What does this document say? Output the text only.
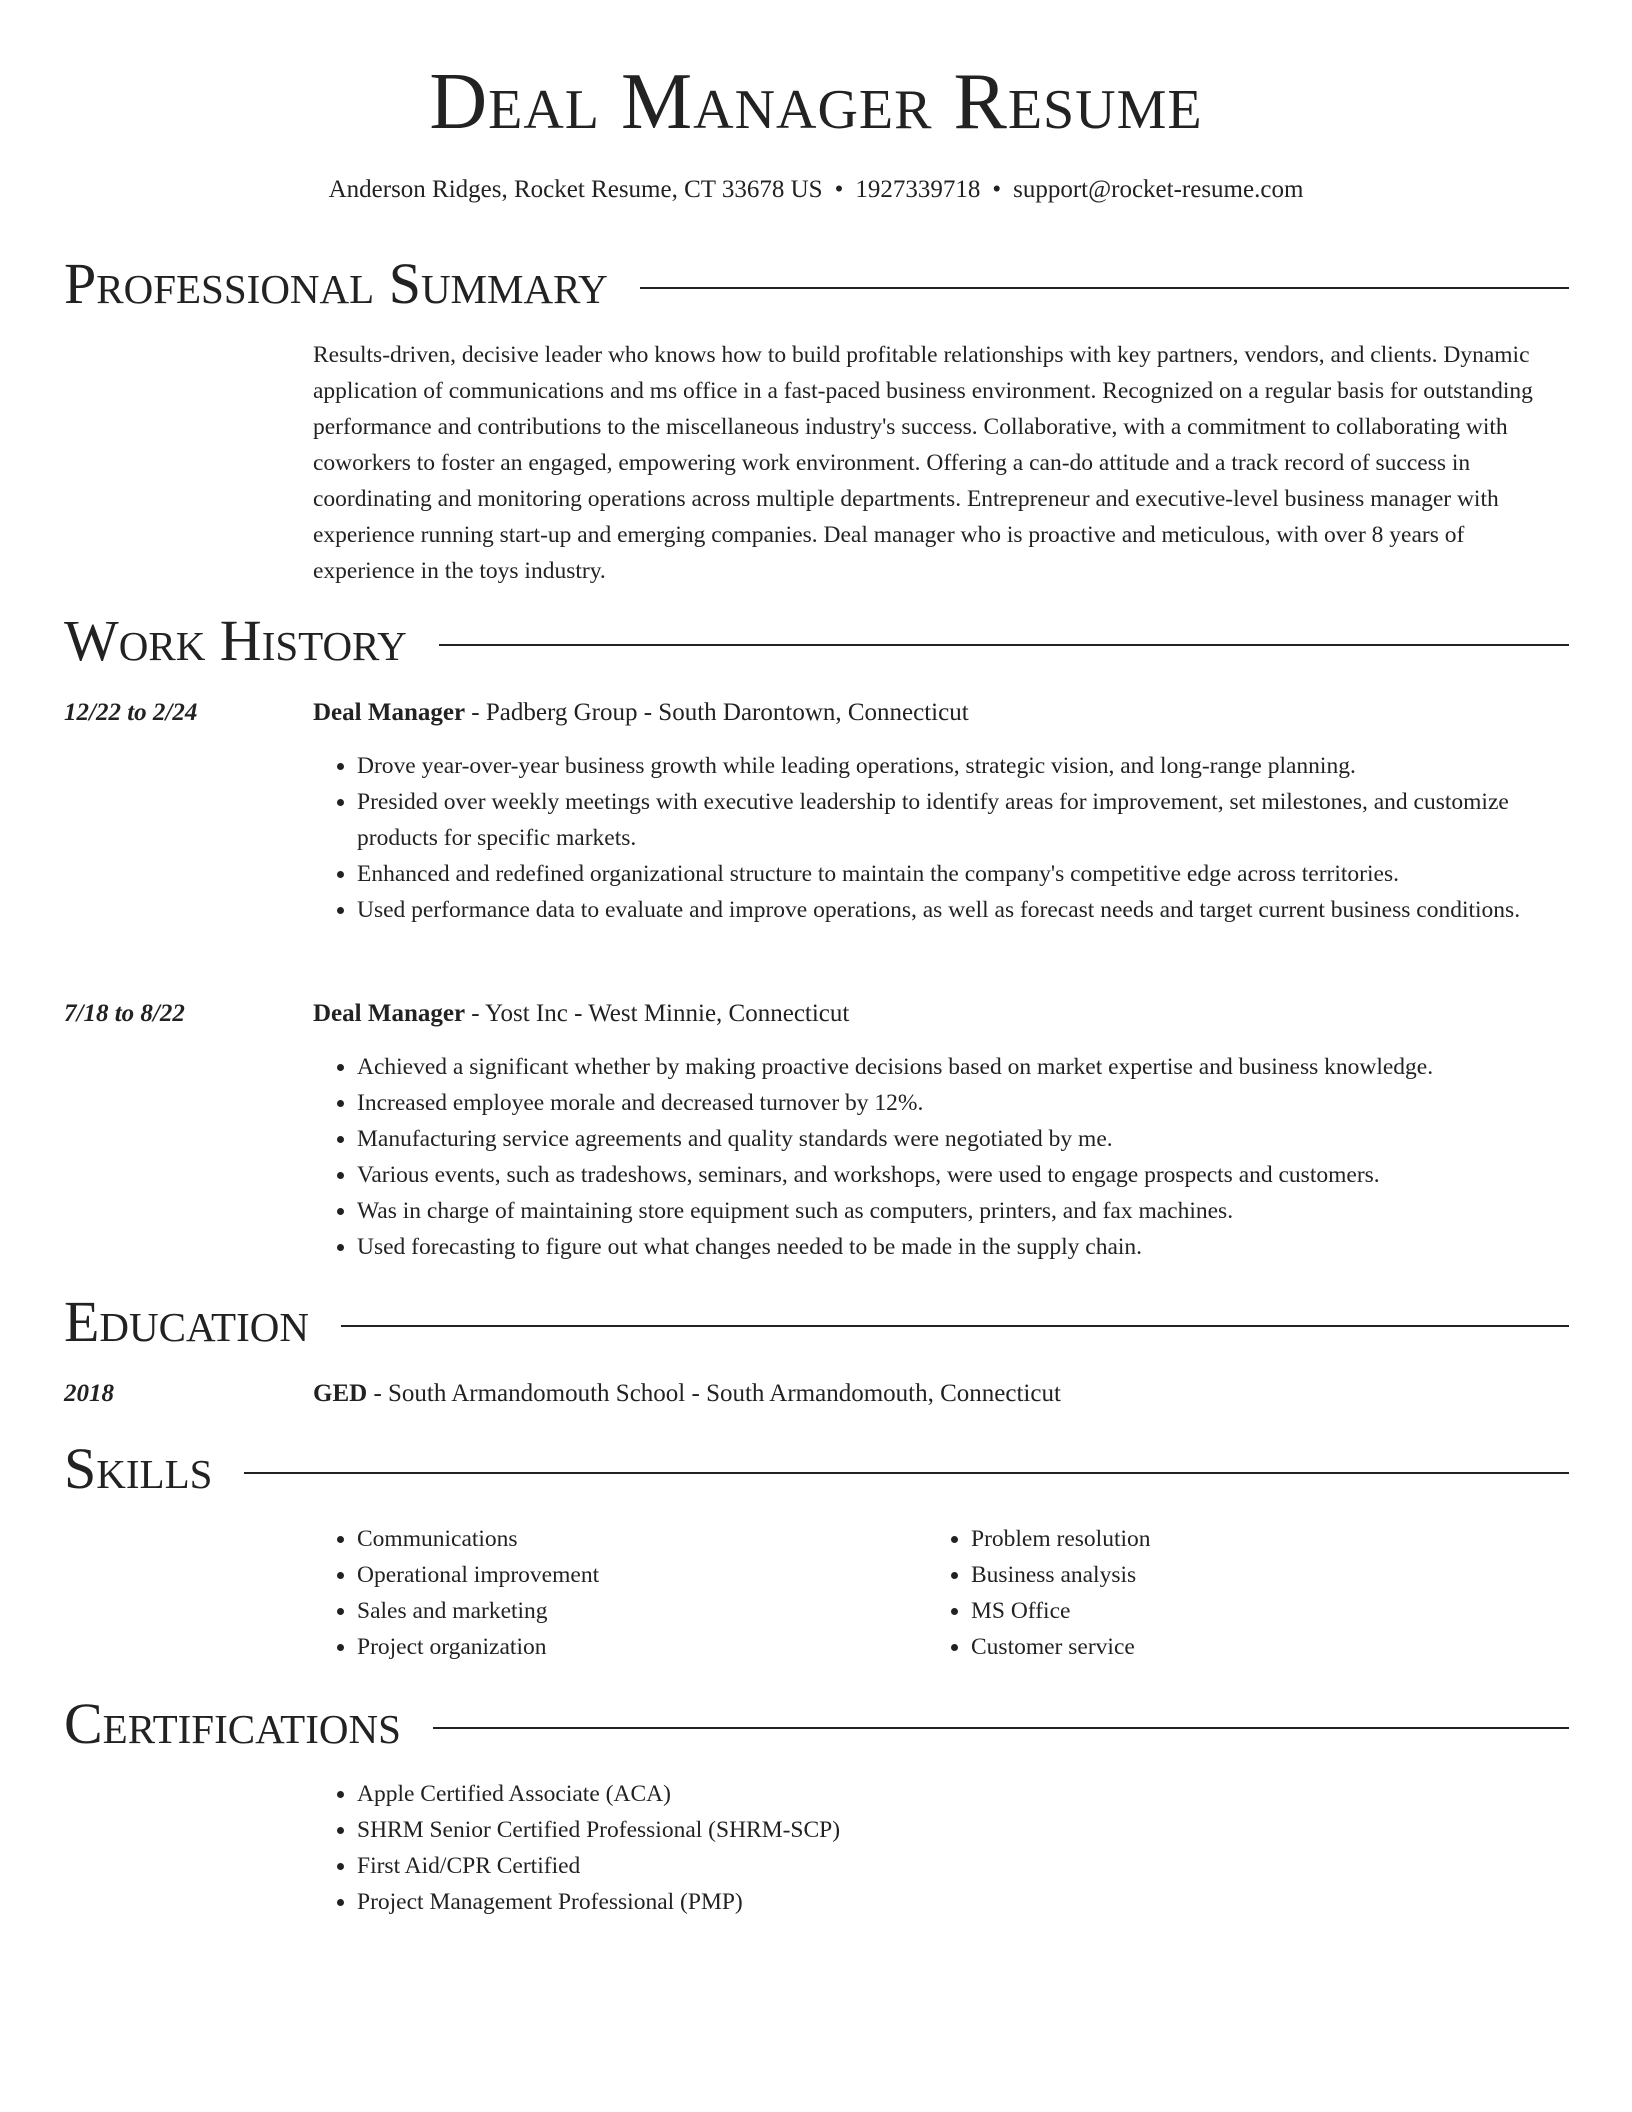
Deal Manager Resume
Anderson Ridges, Rocket Resume, CT 33678 US • 1927339718 • support@rocket-resume.com
Professional Summary
Results-driven, decisive leader who knows how to build profitable relationships with key partners, vendors, and clients. Dynamic application of communications and ms office in a fast-paced business environment. Recognized on a regular basis for outstanding performance and contributions to the miscellaneous industry's success. Collaborative, with a commitment to collaborating with coworkers to foster an engaged, empowering work environment. Offering a can-do attitude and a track record of success in coordinating and monitoring operations across multiple departments. Entrepreneur and executive-level business manager with experience running start-up and emerging companies. Deal manager who is proactive and meticulous, with over 8 years of experience in the toys industry.
Work History
12/22 to 2/24	Deal Manager - Padberg Group - South Darontown, Connecticut
• Drove year-over-year business growth while leading operations, strategic vision, and long-range planning.
• Presided over weekly meetings with executive leadership to identify areas for improvement, set milestones, and customize products for specific markets.
• Enhanced and redefined organizational structure to maintain the company's competitive edge across territories.
• Used performance data to evaluate and improve operations, as well as forecast needs and target current business conditions.
7/18 to 8/22	Deal Manager - Yost Inc - West Minnie, Connecticut
• Achieved a significant whether by making proactive decisions based on market expertise and business knowledge.
• Increased employee morale and decreased turnover by 12%.
• Manufacturing service agreements and quality standards were negotiated by me.
• Various events, such as tradeshows, seminars, and workshops, were used to engage prospects and customers.
• Was in charge of maintaining store equipment such as computers, printers, and fax machines.
• Used forecasting to figure out what changes needed to be made in the supply chain.
Education
2018	GED - South Armandomouth School - South Armandomouth, Connecticut
Skills
• Communications
• Operational improvement
• Sales and marketing
• Project organization
• Problem resolution
• Business analysis
• MS Office
• Customer service
Certifications
• Apple Certified Associate (ACA)
• SHRM Senior Certified Professional (SHRM-SCP)
• First Aid/CPR Certified
• Project Management Professional (PMP)
